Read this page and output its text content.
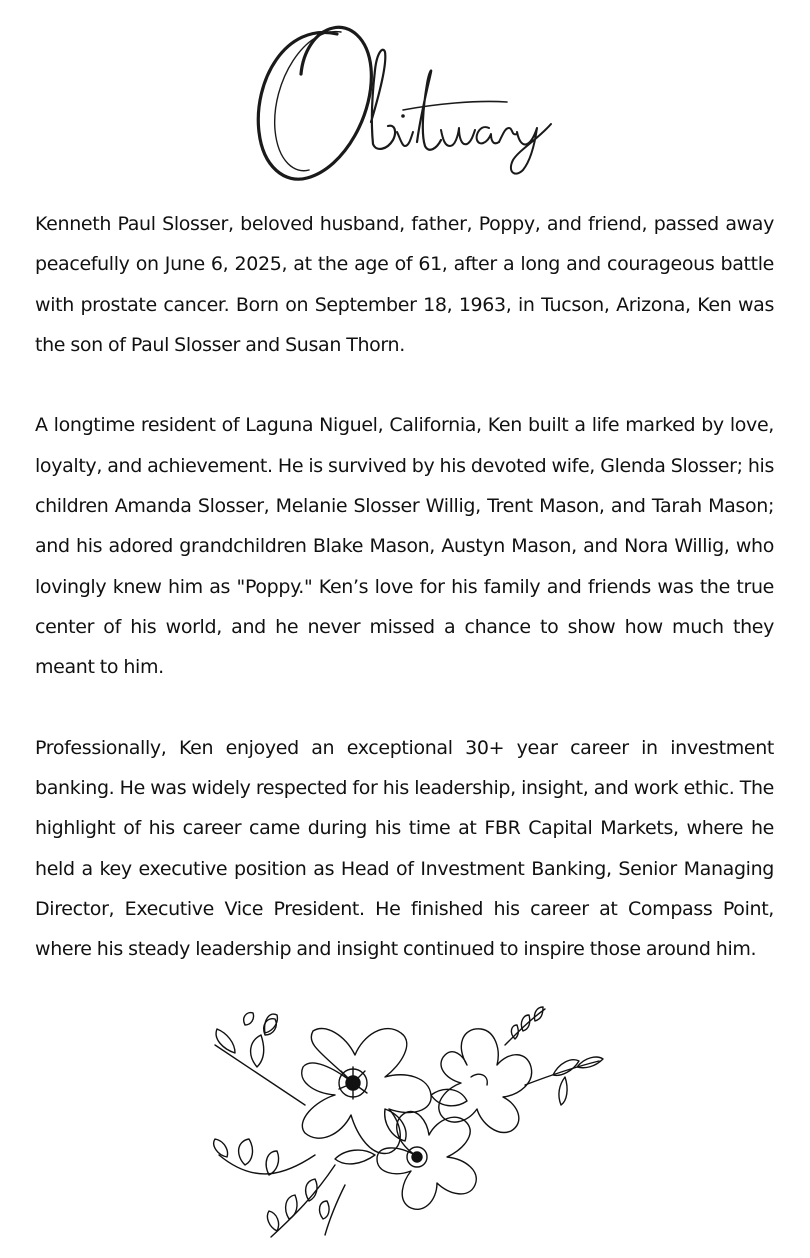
Kenneth Paul Slosser, beloved husband, father, Poppy, and friend, passed away peacefully on June 6, 2025, at the age of 61, after a long and courageous battle with prostate cancer. Born on September 18, 1963, in Tucson, Arizona, Ken was the son of Paul Slosser and Susan Thorn.

A longtime resident of Laguna Niguel, California, Ken built a life marked by love, loyalty, and achievement. He is survived by his devoted wife, Glenda Slosser; his children Amanda Slosser, Melanie Slosser Willig, Trent Mason, and Tarah Mason; and his adored grandchildren Blake Mason, Austyn Mason, and Nora Willig, who lovingly knew him as "Poppy." Ken’s love for his family and friends was the true center of his world, and he never missed a chance to show how much they meant to him.

Professionally, Ken enjoyed an exceptional 30+ year career in investment banking. He was widely respected for his leadership, insight, and work ethic. The highlight of his career came during his time at FBR Capital Markets, where he held a key executive position as Head of Investment Banking, Senior Managing Director, Executive Vice President. He finished his career at Compass Point, where his steady leadership and insight continued to inspire those around him.
